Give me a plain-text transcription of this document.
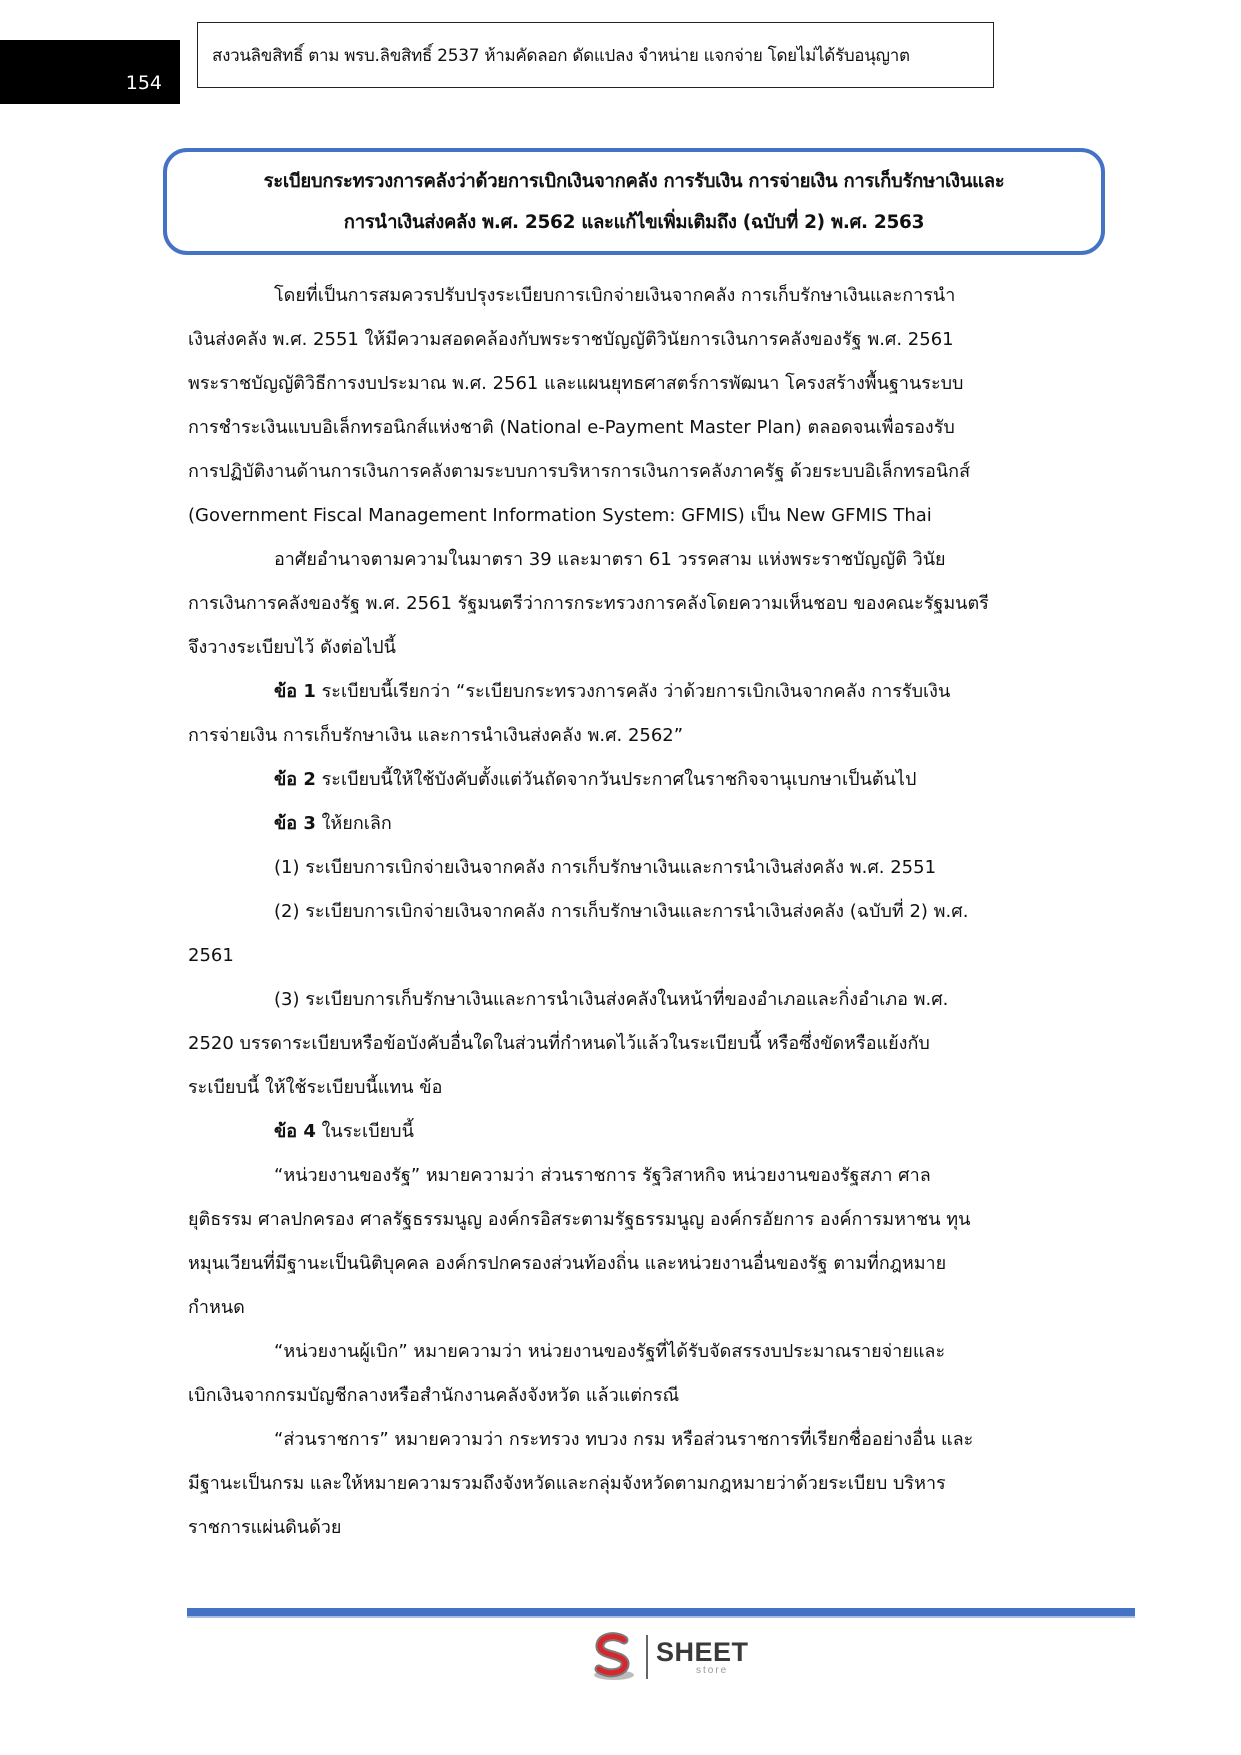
154
สงวนลิขสิทธิ์ ตาม พรบ.ลิขสิทธิ์ 2537 ห้ามคัดลอก ดัดแปลง จำหน่าย แจกจ่าย โดยไม่ได้รับอนุญาต
ระเบียบกระทรวงการคลังว่าด้วยการเบิกเงินจากคลัง การรับเงิน การจ่ายเงิน การเก็บรักษาเงินและ
การนำเงินส่งคลัง พ.ศ. 2562 และแก้ไขเพิ่มเติมถึง (ฉบับที่ 2) พ.ศ. 2563

โดยที่เป็นการสมควรปรับปรุงระเบียบการเบิกจ่ายเงินจากคลัง การเก็บรักษาเงินและการนำ

เงินส่งคลัง พ.ศ. 2551 ให้มีความสอดคล้องกับพระราชบัญญัติวินัยการเงินการคลังของรัฐ พ.ศ. 2561

พระราชบัญญัติวิธีการงบประมาณ พ.ศ. 2561 และแผนยุทธศาสตร์การพัฒนา โครงสร้างพื้นฐานระบบ

การชำระเงินแบบอิเล็กทรอนิกส์แห่งชาติ (National e-Payment Master Plan) ตลอดจนเพื่อรองรับ

การปฏิบัติงานด้านการเงินการคลังตามระบบการบริหารการเงินการคลังภาครัฐ ด้วยระบบอิเล็กทรอนิกส์

(Government Fiscal Management Information System: GFMIS) เป็น New GFMIS Thai

อาศัยอำนาจตามความในมาตรา 39 และมาตรา 61 วรรคสาม แห่งพระราชบัญญัติ วินัย

การเงินการคลังของรัฐ พ.ศ. 2561 รัฐมนตรีว่าการกระทรวงการคลังโดยความเห็นชอบ ของคณะรัฐมนตรี

จึงวางระเบียบไว้ ดังต่อไปนี้

ข้อ 1 ระเบียบนี้เรียกว่า “ระเบียบกระทรวงการคลัง ว่าด้วยการเบิกเงินจากคลัง การรับเงิน

การจ่ายเงิน การเก็บรักษาเงิน และการนำเงินส่งคลัง พ.ศ. 2562”

ข้อ 2 ระเบียบนี้ให้ใช้บังคับตั้งแต่วันถัดจากวันประกาศในราชกิจจานุเบกษาเป็นต้นไป

ข้อ 3 ให้ยกเลิก

(1) ระเบียบการเบิกจ่ายเงินจากคลัง การเก็บรักษาเงินและการนำเงินส่งคลัง พ.ศ. 2551

(2) ระเบียบการเบิกจ่ายเงินจากคลัง การเก็บรักษาเงินและการนำเงินส่งคลัง (ฉบับที่ 2) พ.ศ.

2561

(3) ระเบียบการเก็บรักษาเงินและการนำเงินส่งคลังในหน้าที่ของอำเภอและกิ่งอำเภอ พ.ศ.

2520 บรรดาระเบียบหรือข้อบังคับอื่นใดในส่วนที่กำหนดไว้แล้วในระเบียบนี้ หรือซึ่งขัดหรือแย้งกับ

ระเบียบนี้ ให้ใช้ระเบียบนี้แทน ข้อ

ข้อ 4 ในระเบียบนี้

“หน่วยงานของรัฐ” หมายความว่า ส่วนราชการ รัฐวิสาหกิจ หน่วยงานของรัฐสภา ศาล

ยุติธรรม ศาลปกครอง ศาลรัฐธรรมนูญ องค์กรอิสระตามรัฐธรรมนูญ องค์กรอัยการ องค์การมหาชน ทุน

หมุนเวียนที่มีฐานะเป็นนิติบุคคล องค์กรปกครองส่วนท้องถิ่น และหน่วยงานอื่นของรัฐ ตามที่กฎหมาย

กำหนด

“หน่วยงานผู้เบิก” หมายความว่า หน่วยงานของรัฐที่ได้รับจัดสรรงบประมาณรายจ่ายและ

เบิกเงินจากกรมบัญชีกลางหรือสำนักงานคลังจังหวัด แล้วแต่กรณี

“ส่วนราชการ” หมายความว่า กระทรวง ทบวง กรม หรือส่วนราชการที่เรียกชื่ออย่างอื่น และ

มีฐานะเป็นกรม และให้หมายความรวมถึงจังหวัดและกลุ่มจังหวัดตามกฎหมายว่าด้วยระเบียบ บริหาร

ราชการแผ่นดินด้วย

SHEET
store
